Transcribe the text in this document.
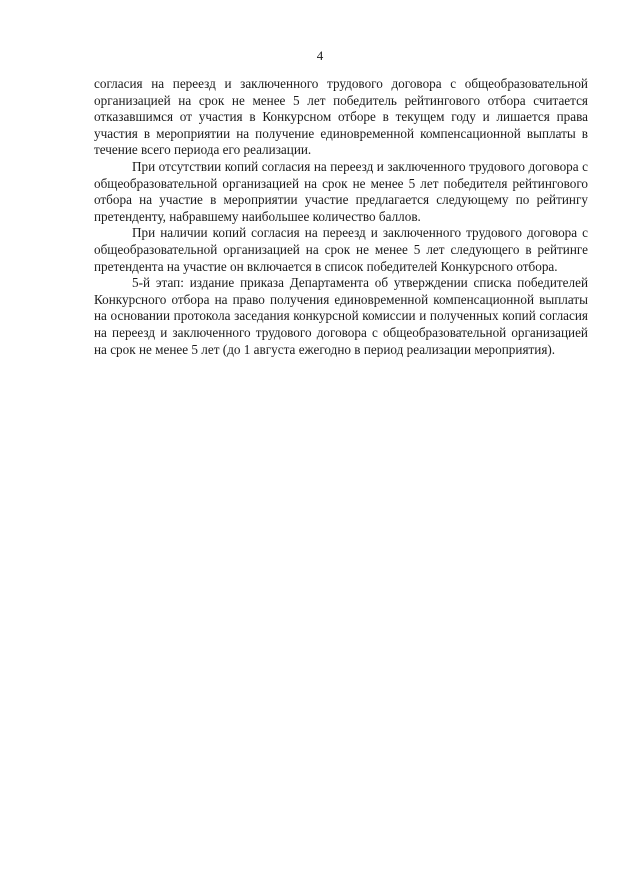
4

согласия на переезд и заключенного трудового договора с общеобразовательной организацией на срок не менее 5 лет победитель рейтингового отбора считается отказавшимся от участия в Конкурсном отборе в текущем году и лишается права участия в мероприятии на получение единовременной компенсационной выплаты в течение всего периода его реализации.

При отсутствии копий согласия на переезд и заключенного трудового договора с общеобразовательной организацией на срок не менее 5 лет победителя рейтингового отбора на участие в мероприятии участие предлагается следующему по рейтингу претенденту, набравшему наибольшее количество баллов.

При наличии копий согласия на переезд и заключенного трудового договора с общеобразовательной организацией на срок не менее 5 лет следующего в рейтинге претендента на участие он включается в список победителей Конкурсного отбора.

5-й этап: издание приказа Департамента об утверждении списка победителей Конкурсного отбора на право получения единовременной компенсационной выплаты на основании протокола заседания конкурсной комиссии и полученных копий согласия на переезд и заключенного трудового договора с общеобразовательной организацией на срок не менее 5 лет (до 1 августа ежегодно в период реализации мероприятия).
